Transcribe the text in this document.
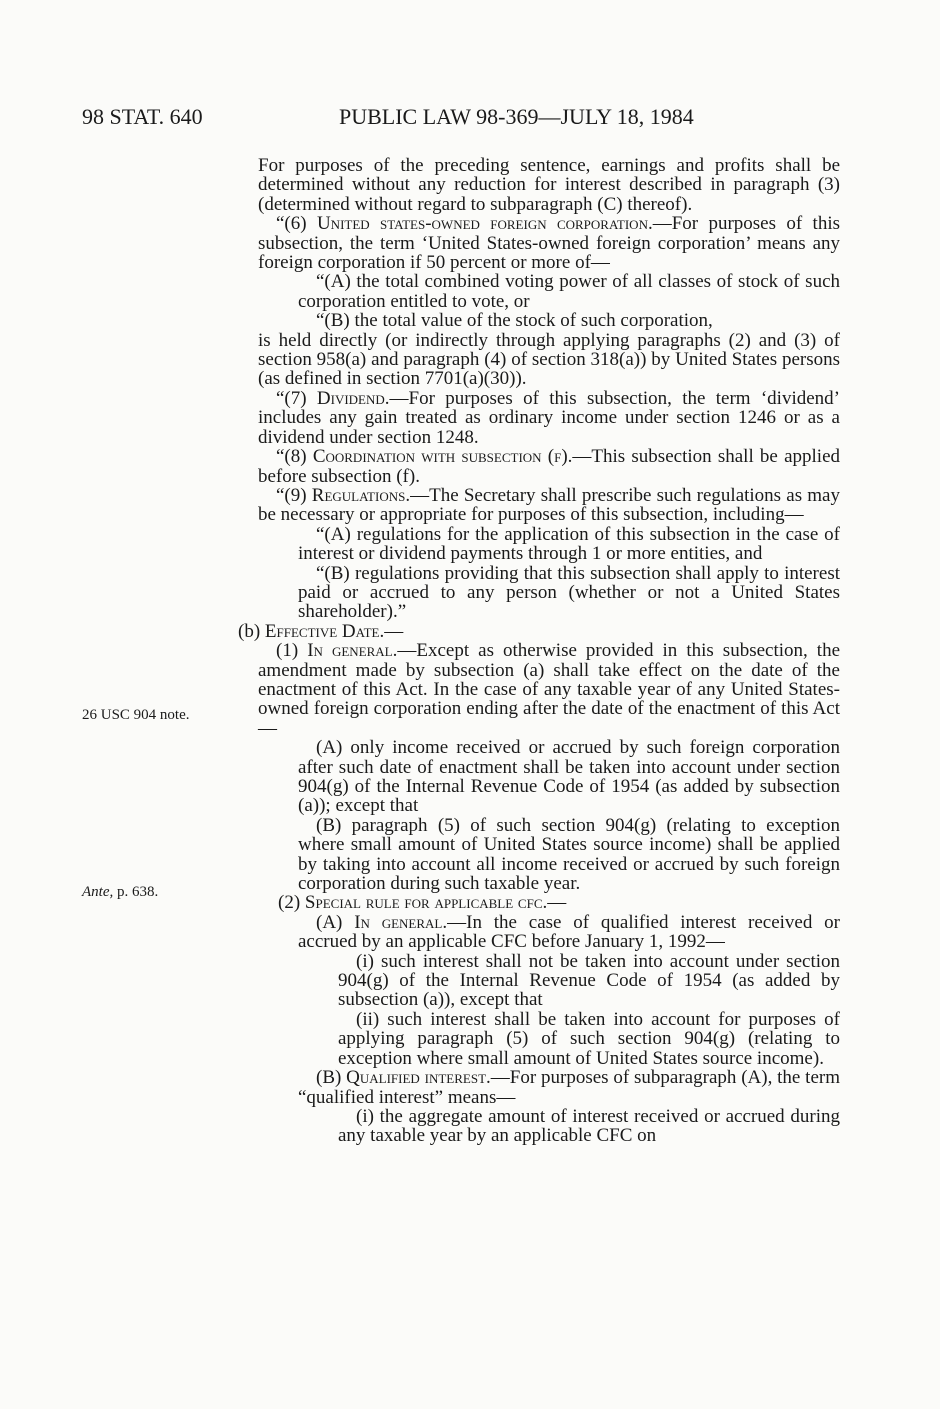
98 STAT. 640	PUBLIC LAW 98-369—JULY 18, 1984
26 USC 904 note.
Ante, p. 638.

For purposes of the preceding sentence, earnings and profits shall be determined without any reduction for interest described in paragraph (3) (determined without regard to subparagraph (C) thereof).

“(6) United states-owned foreign corporation.—For purposes of this subsection, the term ‘United States-owned foreign corporation’ means any foreign corporation if 50 percent or more of—

“(A) the total combined voting power of all classes of stock of such corporation entitled to vote, or

“(B) the total value of the stock of such corporation,

is held directly (or indirectly through applying paragraphs (2) and (3) of section 958(a) and paragraph (4) of section 318(a)) by United States persons (as defined in section 7701(a)(30)).

“(7) Dividend.—For purposes of this subsection, the term ‘dividend’ includes any gain treated as ordinary income under section 1246 or as a dividend under section 1248.

“(8) Coordination with subsection (f).—This subsection shall be applied before subsection (f).

“(9) Regulations.—The Secretary shall prescribe such regulations as may be necessary or appropriate for purposes of this subsection, including—

“(A) regulations for the application of this subsection in the case of interest or dividend payments through 1 or more entities, and

“(B) regulations providing that this subsection shall apply to interest paid or accrued to any person (whether or not a United States shareholder).”

(b) Effective Date.—

(1) In general.—Except as otherwise provided in this subsection, the amendment made by subsection (a) shall take effect on the date of the enactment of this Act. In the case of any taxable year of any United States-owned foreign corporation ending after the date of the enactment of this Act—

(A) only income received or accrued by such foreign corporation after such date of enactment shall be taken into account under section 904(g) of the Internal Revenue Code of 1954 (as added by subsection (a)); except that

(B) paragraph (5) of such section 904(g) (relating to exception where small amount of United States source income) shall be applied by taking into account all income received or accrued by such foreign corporation during such taxable year.

(2) Special rule for applicable cfc.—

(A) In general.—In the case of qualified interest received or accrued by an applicable CFC before January 1, 1992—

(i) such interest shall not be taken into account under section 904(g) of the Internal Revenue Code of 1954 (as added by subsection (a)), except that

(ii) such interest shall be taken into account for purposes of applying paragraph (5) of such section 904(g) (relating to exception where small amount of United States source income).

(B) Qualified interest.—For purposes of subparagraph (A), the term “qualified interest” means—

(i) the aggregate amount of interest received or accrued during any taxable year by an applicable CFC on
